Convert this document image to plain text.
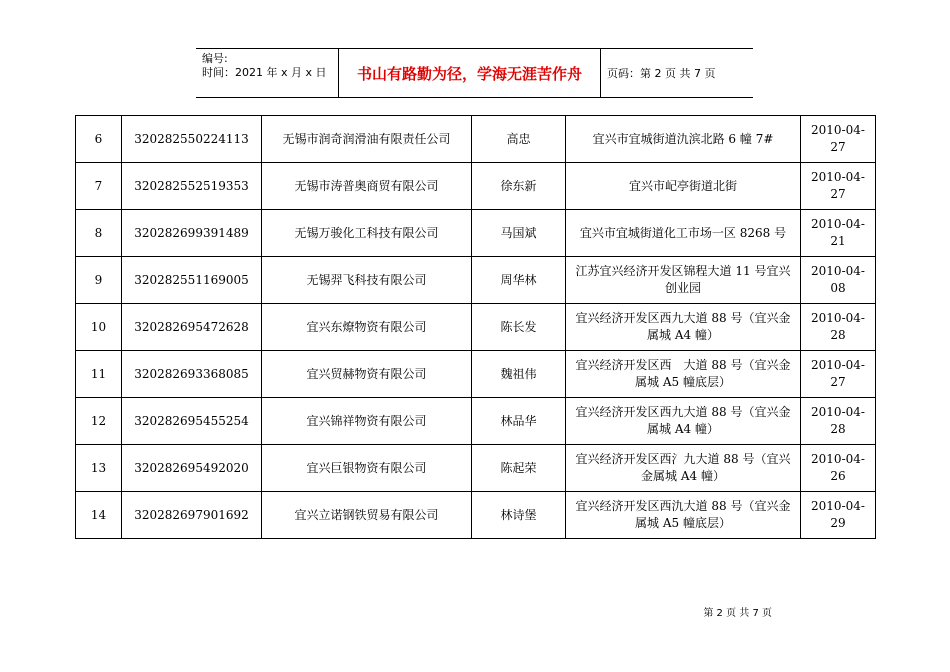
编号:
时间：2021 年 x 月 x 日	书山有路勤为径，学海无涯苦作舟	页码：第 2 页 共 7 页
6	320282550224113	无锡市润奇润滑油有限责任公司	高忠	宜兴市宜城街道氿滨北路 6 幢 7#	2010-04-27
7	320282552519353	无锡市涛普奥商贸有限公司	徐东新	宜兴市屺亭街道北街	2010-04-27
8	320282699391489	无锡万骏化工科技有限公司	马国斌	宜兴市宜城街道化工市场一区 8268 号	2010-04-21
9	320282551169005	无锡羿飞科技有限公司	周华林	江苏宜兴经济开发区锦程大道 11 号宜兴创业园	2010-04-08
10	320282695472628	宜兴东燎物资有限公司	陈长发	宜兴经济开发区西九大道 88 号（宜兴金属城 A4 幢）	2010-04-28
11	320282693368085	宜兴贸赫物资有限公司	魏祖伟	宜兴经济开发区西　大道 88 号（宜兴金属城 A5 幢底层）	2010-04-27
12	320282695455254	宜兴锦祥物资有限公司	林品华	宜兴经济开发区西九大道 88 号（宜兴金属城 A4 幢）	2010-04-28
13	320282695492020	宜兴巨银物资有限公司	陈起荣	宜兴经济开发区西氵九大道 88 号（宜兴金属城 A4 幢）	2010-04-26
14	320282697901692	宜兴立诺钢铁贸易有限公司	林诗堡	宜兴经济开发区西氿大道 88 号（宜兴金属城 A5 幢底层）	2010-04-29
第 2 页 共 7 页
